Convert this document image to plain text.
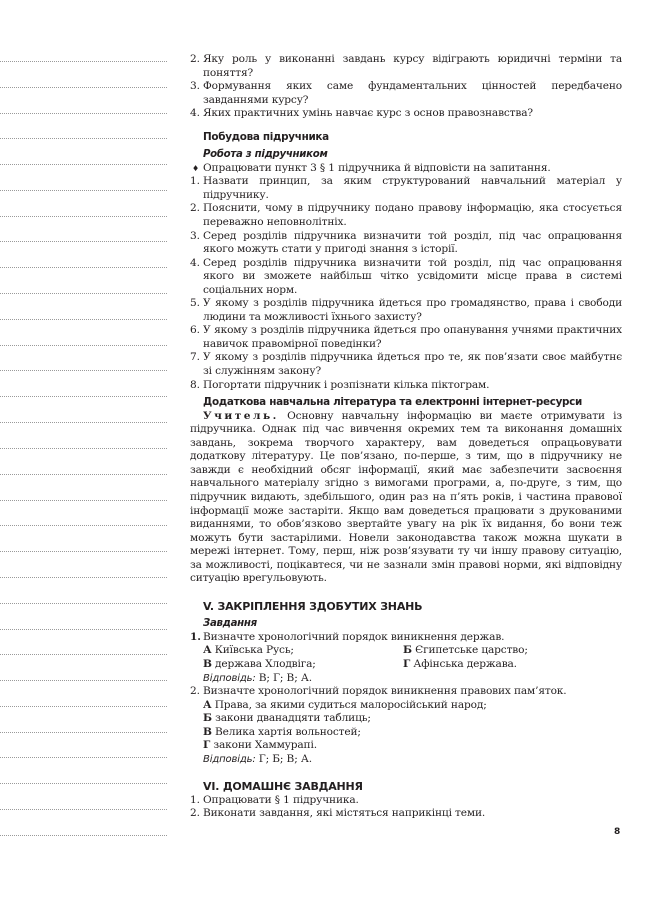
2. Яку роль у виконанні завдань курсу відіграють юридичні терміни та поняття?
3. Формування яких саме фундаментальних цінностей передбачено завданнями курсу?
4. Яких практичних умінь навчає курс з основ правознавства?
Побудова підручника
Робота з підручником
♦ Опрацювати пункт 3 § 1 підручника й відповісти на запитання.
1. Назвати принцип, за яким структурований навчальний матеріал у підручнику.
2. Пояснити, чому в підручнику подано правову інформацію, яка стосується переважно неповнолітніх.
3. Серед розділів підручника визначити той розділ, під час опрацювання якого можуть стати у пригоді знання з історії.
4. Серед розділів підручника визначити той розділ, під час опрацювання якого ви зможете найбільш чітко усвідомити місце права в системі соціальних норм.
5. У якому з розділів підручника йдеться про громадянство, права і свободи людини та можливості їхнього захисту?
6. У якому з розділів підручника йдеться про опанування учнями практичних навичок правомірної поведінки?
7. У якому з розділів підручника йдеться про те, як пов’язати своє майбутнє зі служінням закону?
8. Погортати підручник і розпізнати кілька піктограм.
Додаткова навчальна література та електронні інтернет-ресурси
Учитель. Основну навчальну інформацію ви маєте отримувати із підручника. Однак під час вивчення окремих тем та виконання домашніх завдань, зокрема творчого характеру, вам доведеться опрацьовувати додаткову літературу. Це пов’язано, по-перше, з тим, що в підручнику не завжди є необхідний обсяг інформації, який має забезпечити засвоєння навчального матеріалу згідно з вимогами програми, а, по-друге, з тим, що підручник видають, здебільшого, один раз на п’ять років, і частина правової інформації може застаріти. Якщо вам доведеться працювати з друкованими виданнями, то обов’язково звертайте увагу на рік їх видання, бо вони теж можуть бути застарілими. Новели законодавства також можна шукати в мережі інтернет. Тому, перш, ніж розв’язувати ту чи іншу правову ситуацію, за можливості, поцікавтеся, чи не зазнали змін правові норми, які відповідну ситуацію врегульовують.
V. ЗАКРІПЛЕННЯ ЗДОБУТИХ ЗНАНЬ
Завдання
1. Визначте хронологічний порядок виникнення держав.
А Київська Русь;	Б Єгипетське царство;
В держава Хлодвіга;	Г Афінська держава.
Відповідь: В; Г; В; А.
2. Визначте хронологічний порядок виникнення правових пам’яток.
А Права, за якими судиться малоросійський народ;
Б закони дванадцяти таблиць;
В Велика хартія вольностей;
Г закони Хаммурапі.
Відповідь: Г; Б; В; А.
VI. ДОМАШНЄ ЗАВДАННЯ
1. Опрацювати § 1 підручника.
2. Виконати завдання, які містяться наприкінці теми.
8
